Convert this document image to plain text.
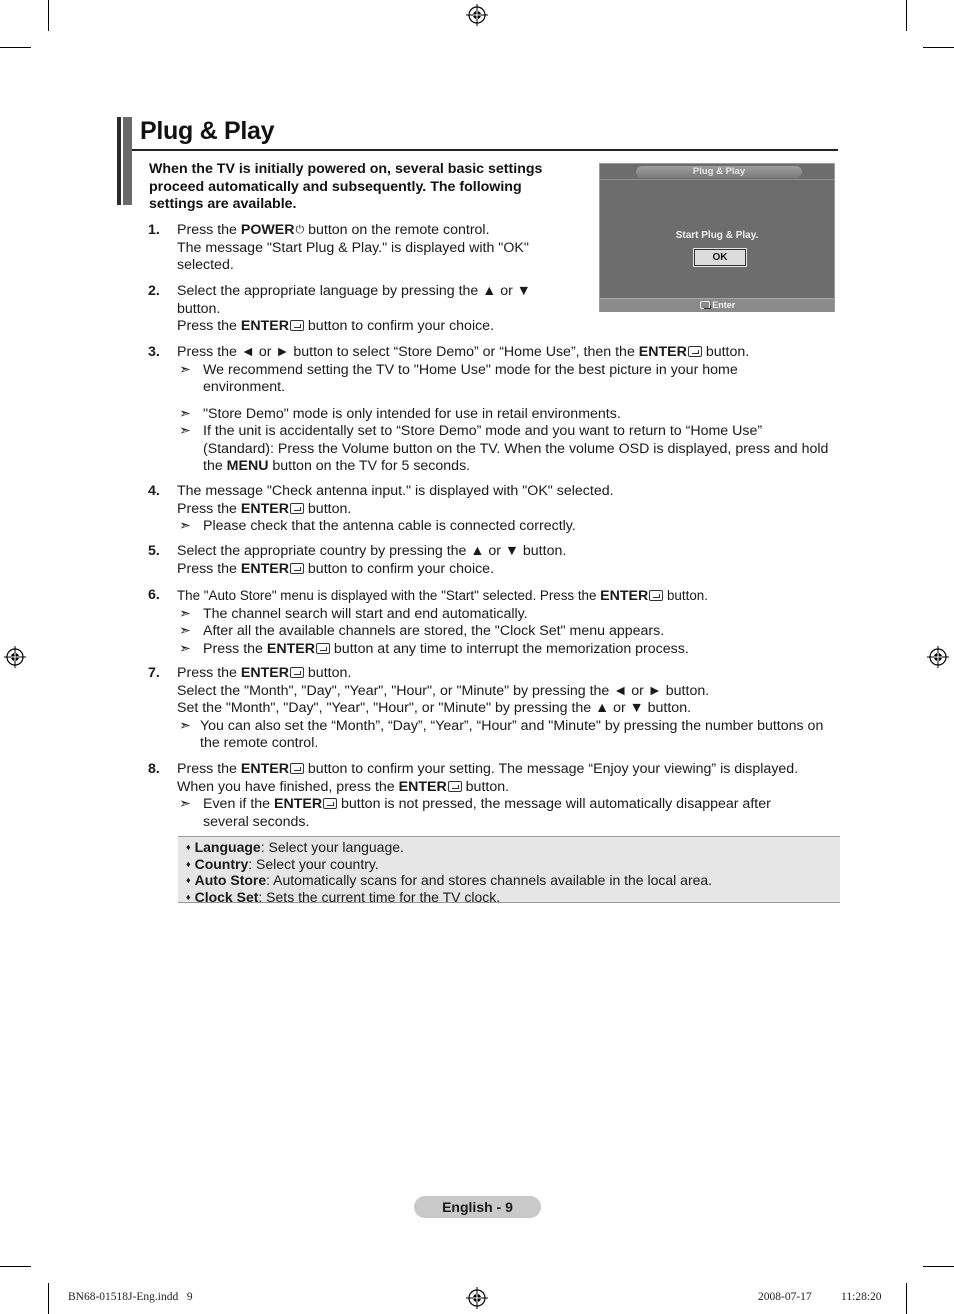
Plug & Play
When the TV is initially powered on, several basic settings proceed automatically and subsequently. The following settings are available.
Plug & Play
Start Plug & Play.
OK
Enter
1. Press the POWER⏻ button on the remote control.
The message "Start Plug & Play." is displayed with "OK"
selected.
2. Select the appropriate language by pressing the ▲ or ▼
button.
Press the ENTER button to confirm your choice.
3. Press the ◄ or ► button to select “Store Demo” or “Home Use”, then the ENTER button.
➣ We recommend setting the TV to "Home Use" mode for the best picture in your home environment.
➣ "Store Demo" mode is only intended for use in retail environments.
➣ If the unit is accidentally set to “Store Demo” mode and you want to return to “Home Use” (Standard): Press the Volume button on the TV. When the volume OSD is displayed, press and hold the MENU button on the TV for 5 seconds.
4. The message "Check antenna input." is displayed with "OK" selected.
Press the ENTER button.
➣ Please check that the antenna cable is connected correctly.
5. Select the appropriate country by pressing the ▲ or ▼ button.
Press the ENTER button to confirm your choice.
6. The "Auto Store" menu is displayed with the "Start" selected. Press the ENTER button.
➣ The channel search will start and end automatically.
➣ After all the available channels are stored, the "Clock Set" menu appears.
➣ Press the ENTER button at any time to interrupt the memorization process.
7. Press the ENTER button.
Select the "Month", "Day", "Year", "Hour", or "Minute" by pressing the ◄ or ► button.
Set the "Month", "Day", "Year", "Hour", or "Minute" by pressing the ▲ or ▼ button.
➣ You can also set the “Month”, “Day”, “Year”, “Hour” and "Minute" by pressing the number buttons on the remote control.
8. Press the ENTER button to confirm your setting. The message “Enjoy your viewing” is displayed.
When you have finished, press the ENTER button.
➣ Even if the ENTER button is not pressed, the message will automatically disappear after several seconds.
♦ Language: Select your language.
♦ Country: Select your country.
♦ Auto Store: Automatically scans for and stores channels available in the local area.
♦ Clock Set: Sets the current time for the TV clock.
English - 9
BN68-01518J-Eng.indd   9	2008-07-17   ￿￿ 11:28:20
